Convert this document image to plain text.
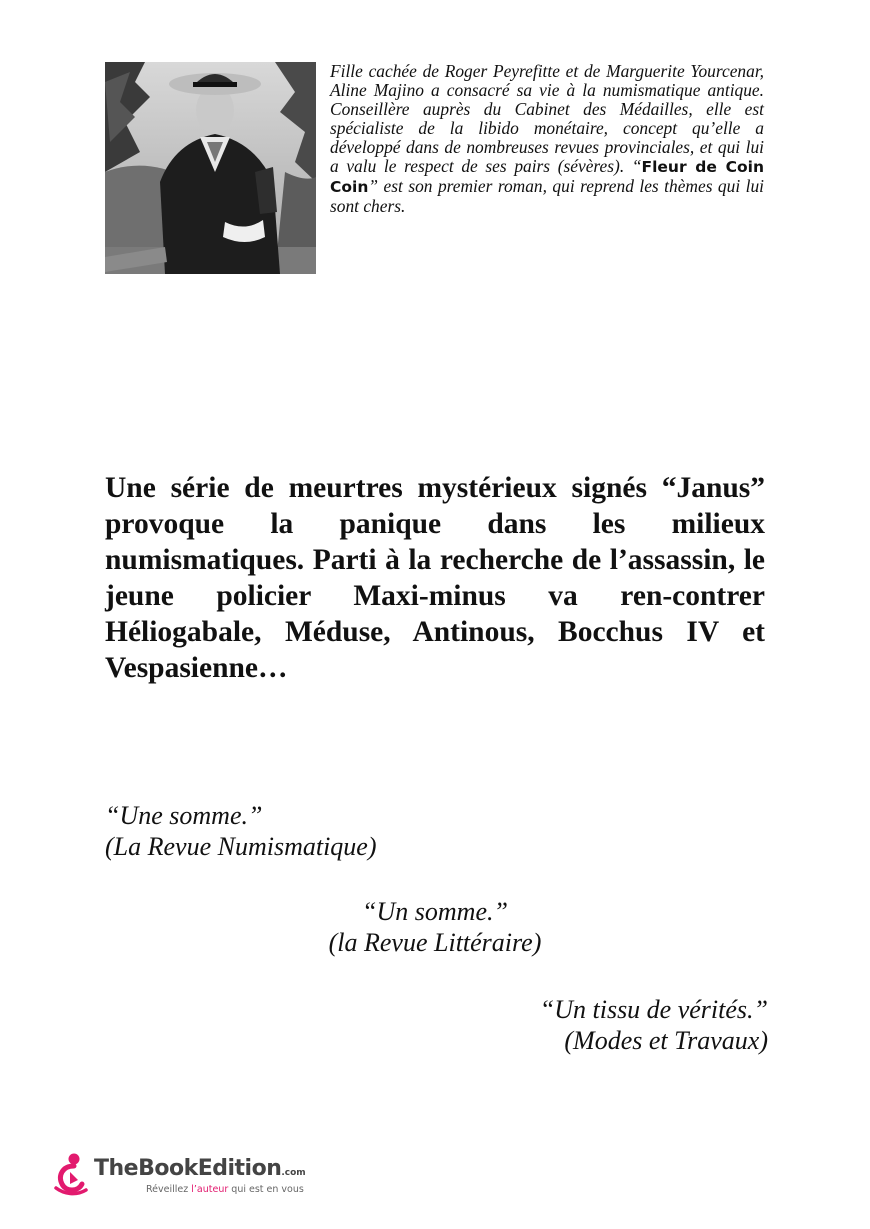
Fille cachée de Roger Peyrefitte et de Marguerite Yourcenar, Aline Majino a consacré sa vie à la numismatique antique. Conseillère auprès du Cabinet des Médailles, elle est spécialiste de la libido monétaire, concept qu’elle a développé dans de nombreuses revues provinciales, et qui lui a valu le respect de ses pairs (sévères). “Fleur de Coin Coin” est son premier roman, qui reprend les thèmes qui lui sont chers.

Une série de meurtres mystérieux signés “Janus” provoque la panique dans les milieux numismatiques. Parti à la recherche de l’assassin, le jeune policier Maxi-minus va ren-contrer Héliogabale, Méduse, Antinous, Bocchus IV et Vespasienne…

“Une somme.”
(La Revue Numismatique)
“Un somme.”
(la Revue Littéraire)
“Un tissu de vérités.”
(Modes et Travaux)
TheBookEdition.com
Réveillez l’auteur qui est en vous
